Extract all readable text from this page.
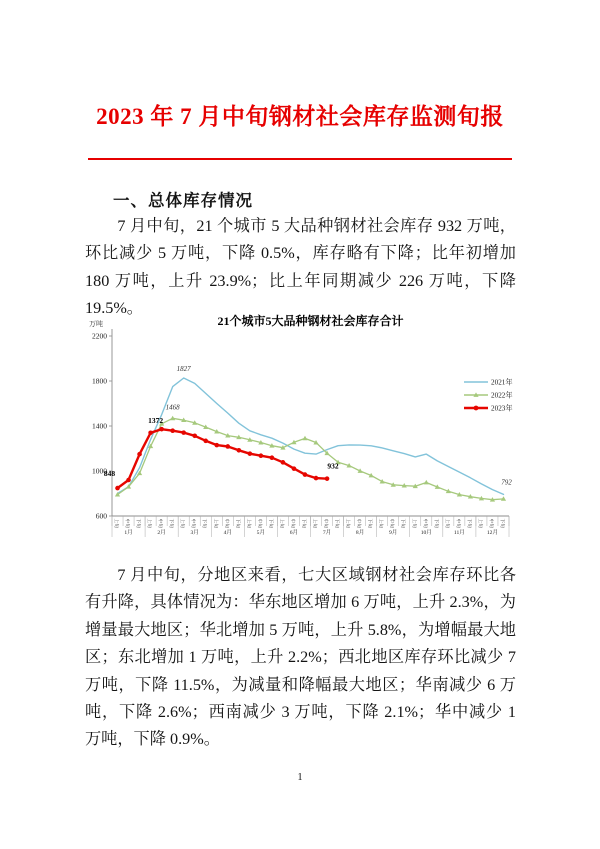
2023 年 7 月中旬钢材社会库存监测旬报
一、总体库存情况

7 月中旬，21 个城市 5 大品种钢材社会库存 932 万吨，环比减少 5 万吨，下降 0.5%，库存略有下降；比年初增加 180 万吨，上升 23.9%；比上年同期减少 226 万吨，下降 19.5%。

21个城市5大品种钢材社会库存合计
万吨
600
1000
1400
1800
2200
上旬	中旬	下旬	上旬	中旬	下旬	上旬	中旬	下旬	上旬	中旬	下旬	上旬	中旬	下旬	上旬	中旬	下旬	上旬	中旬	下旬	上旬	中旬	下旬	上旬	中旬	下旬	上旬	中旬	下旬	上旬	中旬	下旬	上旬	中旬	下旬
1月	2月	3月	4月	5月	6月	7月	8月	9月	10月	11月	12月
848
1372
932
1827
1468
792
2021年
2022年
2023年

7 月中旬，分地区来看，七大区域钢材社会库存环比各有升降，具体情况为：华东地区增加 6 万吨，上升 2.3%，为增量最大地区；华北增加 5 万吨，上升 5.8%，为增幅最大地区；东北增加 1 万吨，上升 2.2%；西北地区库存环比减少 7 万吨，下降 11.5%，为减量和降幅最大地区；华南减少 6 万吨，下降 2.6%；西南减少 3 万吨，下降 2.1%；华中减少 1 万吨，下降 0.9%。

1
